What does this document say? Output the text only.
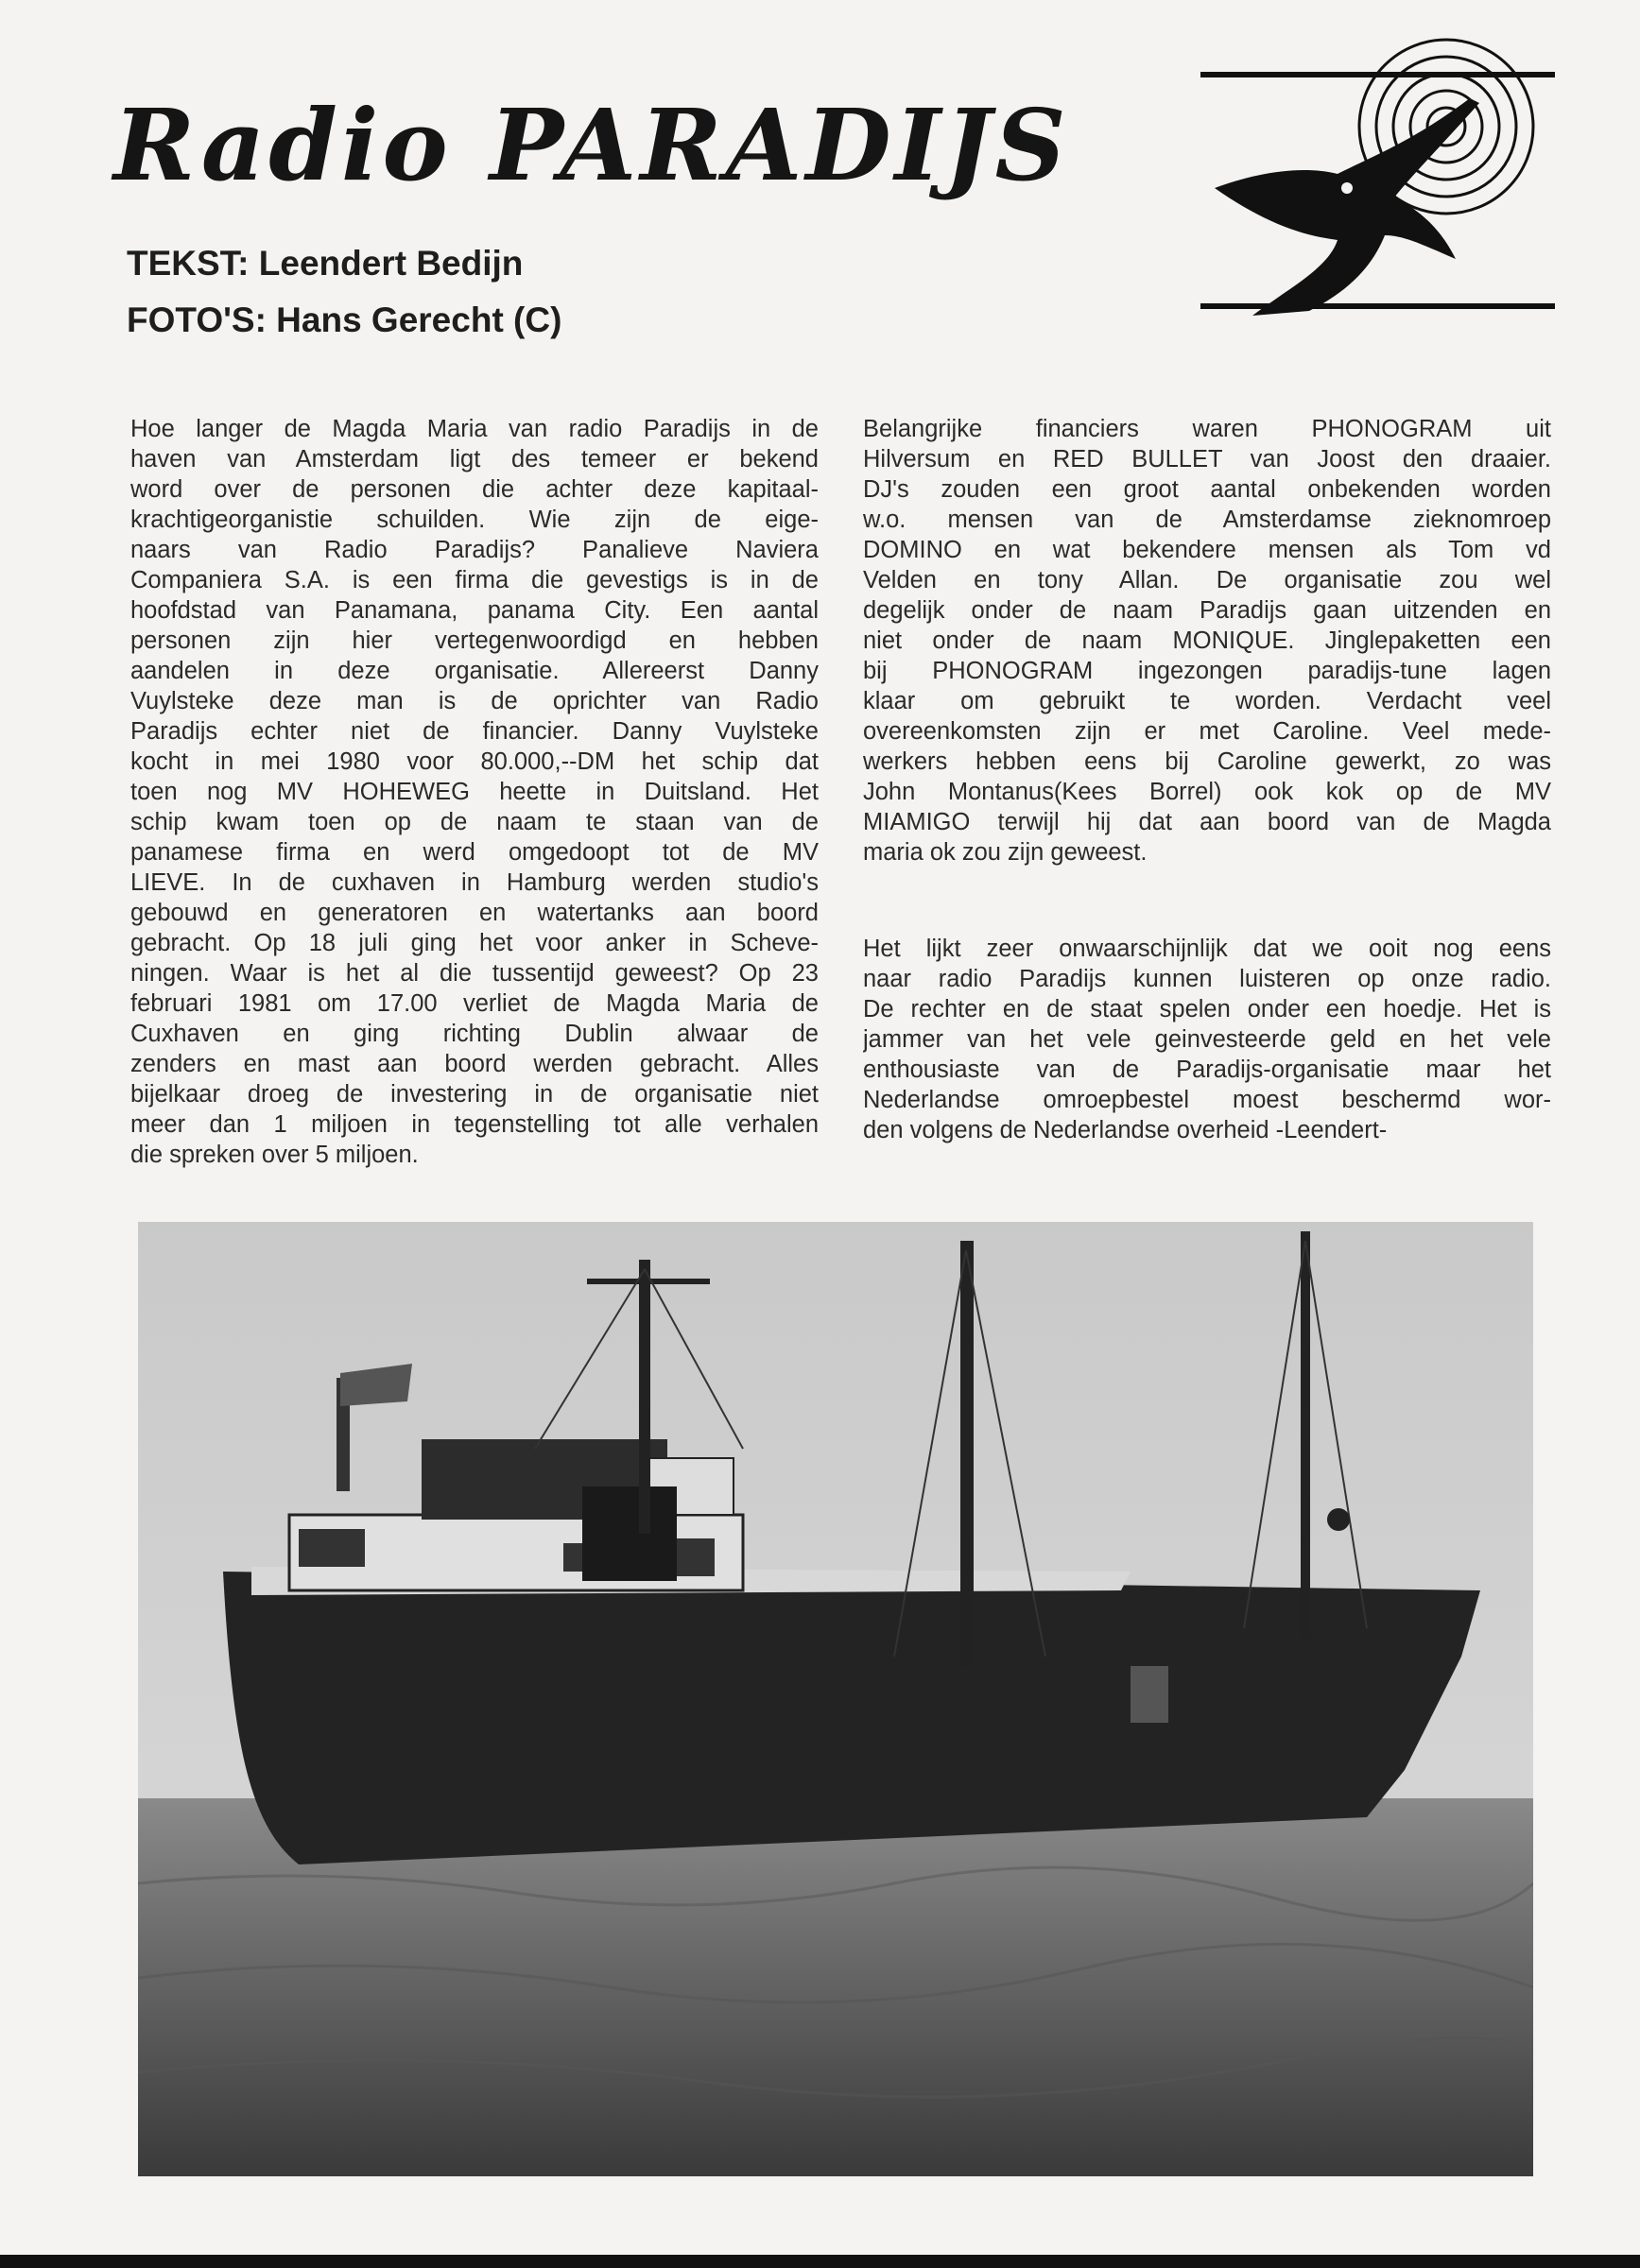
Radio PARADIJS
TEKST: Leendert Bedijn
FOTO'S: Hans Gerecht (C)
Hoe langer de Magda Maria van radio Paradijs in de
haven van Amsterdam ligt des temeer er bekend
word over de personen die achter deze kapitaal-
krachtigeorganistie schuilden. Wie zijn de eige-
naars van Radio Paradijs? Panalieve Naviera
Companiera S.A. is een firma die gevestigs is in de
hoofdstad van Panamana, panama City. Een aantal
personen zijn hier vertegenwoordigd en hebben
aandelen in deze organisatie. Allereerst Danny
Vuylsteke deze man is de oprichter van Radio
Paradijs echter niet de financier. Danny Vuylsteke
kocht in mei 1980 voor 80.000,--DM het schip dat
toen nog MV HOHEWEG heette in Duitsland. Het
schip kwam toen op de naam te staan van de
panamese firma en werd omgedoopt tot de MV
LIEVE. In de cuxhaven in Hamburg werden studio's
gebouwd en generatoren en watertanks aan boord
gebracht. Op 18 juli ging het voor anker in Scheve-
ningen. Waar is het al die tussentijd geweest? Op 23
februari 1981 om 17.00 verliet de Magda Maria de
Cuxhaven en ging richting Dublin alwaar de
zenders en mast aan boord werden gebracht. Alles
bijelkaar droeg de investering in de organisatie niet
meer dan 1 miljoen in tegenstelling tot alle verhalen
die spreken over 5 miljoen.
Belangrijke financiers waren PHONOGRAM uit
Hilversum en RED BULLET van Joost den draaier.
DJ's zouden een groot aantal onbekenden worden
w.o. mensen van de Amsterdamse zieknomroep
DOMINO en wat bekendere mensen als Tom vd
Velden en tony Allan. De organisatie zou wel
degelijk onder de naam Paradijs gaan uitzenden en
niet onder de naam MONIQUE. Jinglepaketten een
bij PHONOGRAM ingezongen paradijs-tune lagen
klaar om gebruikt te worden. Verdacht veel
overeenkomsten zijn er met Caroline. Veel mede-
werkers hebben eens bij Caroline gewerkt, zo was
John Montanus(Kees Borrel) ook kok op de MV
MIAMIGO terwijl hij dat aan boord van de Magda
maria ok zou zijn geweest.
Het lijkt zeer onwaarschijnlijk dat we ooit nog eens
naar radio Paradijs kunnen luisteren op onze radio.
De rechter en de staat spelen onder een hoedje. Het is
jammer van het vele geinvesteerde geld en het vele
enthousiaste van de Paradijs-organisatie maar het
Nederlandse omroepbestel moest beschermd wor-
den volgens de Nederlandse overheid -Leendert-
